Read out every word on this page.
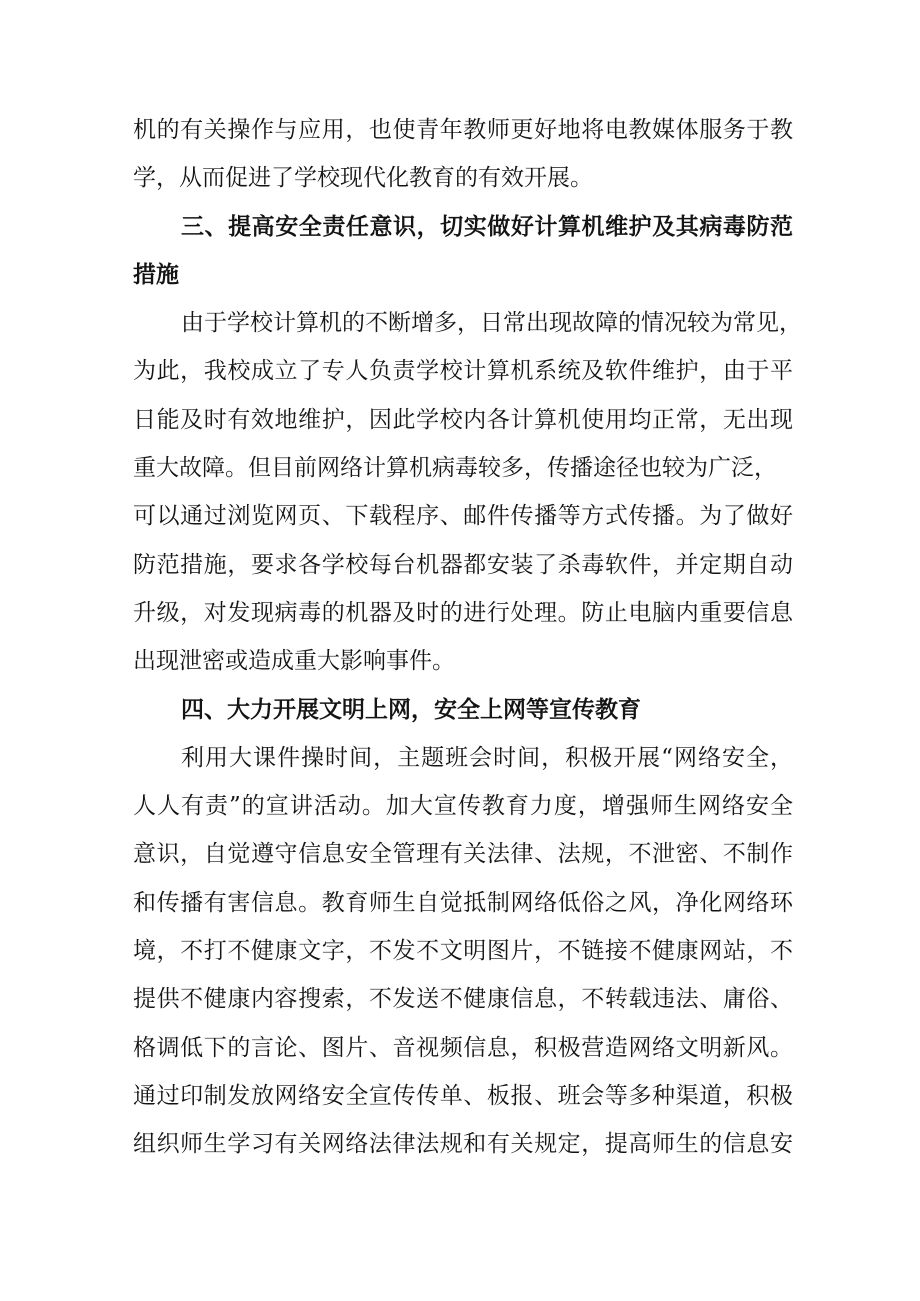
机的有关操作与应用，也使青年教师更好地将电教媒体服务于教
学，从而促进了学校现代化教育的有效开展。
三、提高安全责任意识，切实做好计算机维护及其病毒防范
措施
由于学校计算机的不断增多，日常出现故障的情况较为常见，
为此，我校成立了专人负责学校计算机系统及软件维护，由于平
日能及时有效地维护，因此学校内各计算机使用均正常，无出现
重大故障。但目前网络计算机病毒较多，传播途径也较为广泛，
可以通过浏览网页、下载程序、邮件传播等方式传播。为了做好
防范措施，要求各学校每台机器都安装了杀毒软件，并定期自动
升级，对发现病毒的机器及时的进行处理。防止电脑内重要信息
出现泄密或造成重大影响事件。
四、大力开展文明上网，安全上网等宣传教育
利用大课件操时间，主题班会时间，积极开展“网络安全，
人人有责”的宣讲活动。加大宣传教育力度，增强师生网络安全
意识，自觉遵守信息安全管理有关法律、法规，不泄密、不制作
和传播有害信息。教育师生自觉抵制网络低俗之风，净化网络环
境，不打不健康文字，不发不文明图片，不链接不健康网站，不
提供不健康内容搜索，不发送不健康信息，不转载违法、庸俗、
格调低下的言论、图片、音视频信息，积极营造网络文明新风。
通过印制发放网络安全宣传传单、板报、班会等多种渠道，积极
组织师生学习有关网络法律法规和有关规定，提高师生的信息安
